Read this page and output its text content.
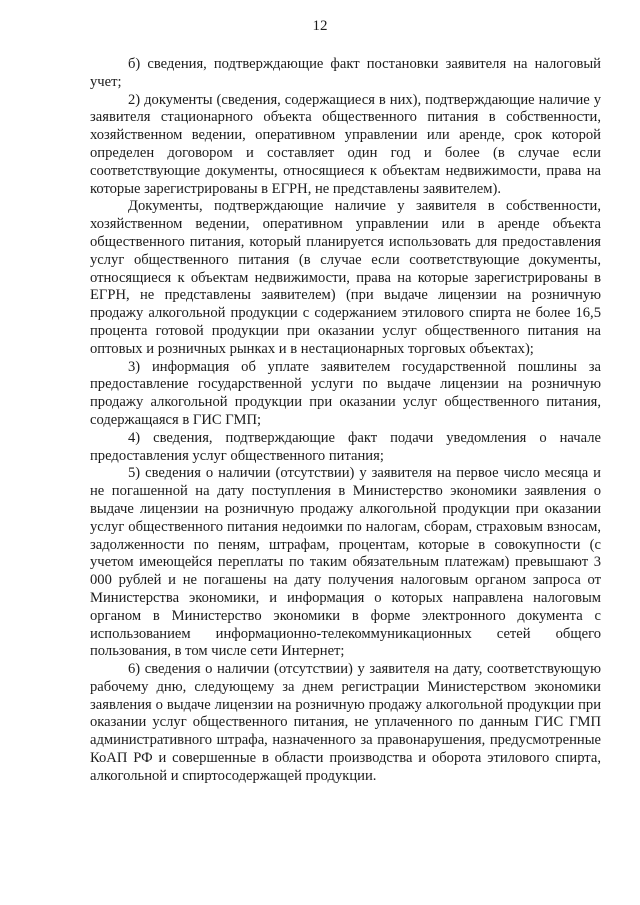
12

б) сведения, подтверждающие факт постановки заявителя на налоговый учет;

2) документы (сведения, содержащиеся в них), подтверждающие наличие у заявителя стационарного объекта общественного питания в собственности, хозяйственном ведении, оперативном управлении или аренде, срок которой определен договором и составляет один год и более (в случае если соответствующие документы, относящиеся к объектам недвижимости, права на которые зарегистрированы в ЕГРН, не представлены заявителем).

Документы, подтверждающие наличие у заявителя в собственности, хозяйственном ведении, оперативном управлении или в аренде объекта общественного питания, который планируется использовать для предоставления услуг общественного питания (в случае если соответствующие документы, относящиеся к объектам недвижимости, права на которые зарегистрированы в ЕГРН, не представлены заявителем) (при выдаче лицензии на розничную продажу алкогольной продукции с содержанием этилового спирта не более 16,5 процента готовой продукции при оказании услуг общественного питания на оптовых и розничных рынках и в нестационарных торговых объектах);

3) информация об уплате заявителем государственной пошлины за предоставление государственной услуги по выдаче лицензии на розничную продажу алкогольной продукции при оказании услуг общественного питания, содержащаяся в ГИС ГМП;

4) сведения, подтверждающие факт подачи уведомления о начале предоставления услуг общественного питания;

5) сведения о наличии (отсутствии) у заявителя на первое число месяца и не погашенной на дату поступления в Министерство экономики заявления о выдаче лицензии на розничную продажу алкогольной продукции при оказании услуг общественного питания недоимки по налогам, сборам, страховым взносам, задолженности по пеням, штрафам, процентам, которые в совокупности (с учетом имеющейся переплаты по таким обязательным платежам) превышают 3 000 рублей и не погашены на дату получения налоговым органом запроса от Министерства экономики, и информация о которых направлена налоговым органом в Министерство экономики в форме электронного документа с использованием информационно-телекоммуникационных сетей общего пользования, в том числе сети Интернет;

6) сведения о наличии (отсутствии) у заявителя на дату, соответствующую рабочему дню, следующему за днем регистрации Министерством экономики заявления о выдаче лицензии на розничную продажу алкогольной продукции при оказании услуг общественного питания, не уплаченного по данным ГИС ГМП административного штрафа, назначенного за правонарушения, предусмотренные КоАП РФ и совершенные в области производства и оборота этилового спирта, алкогольной и спиртосодержащей продукции.
